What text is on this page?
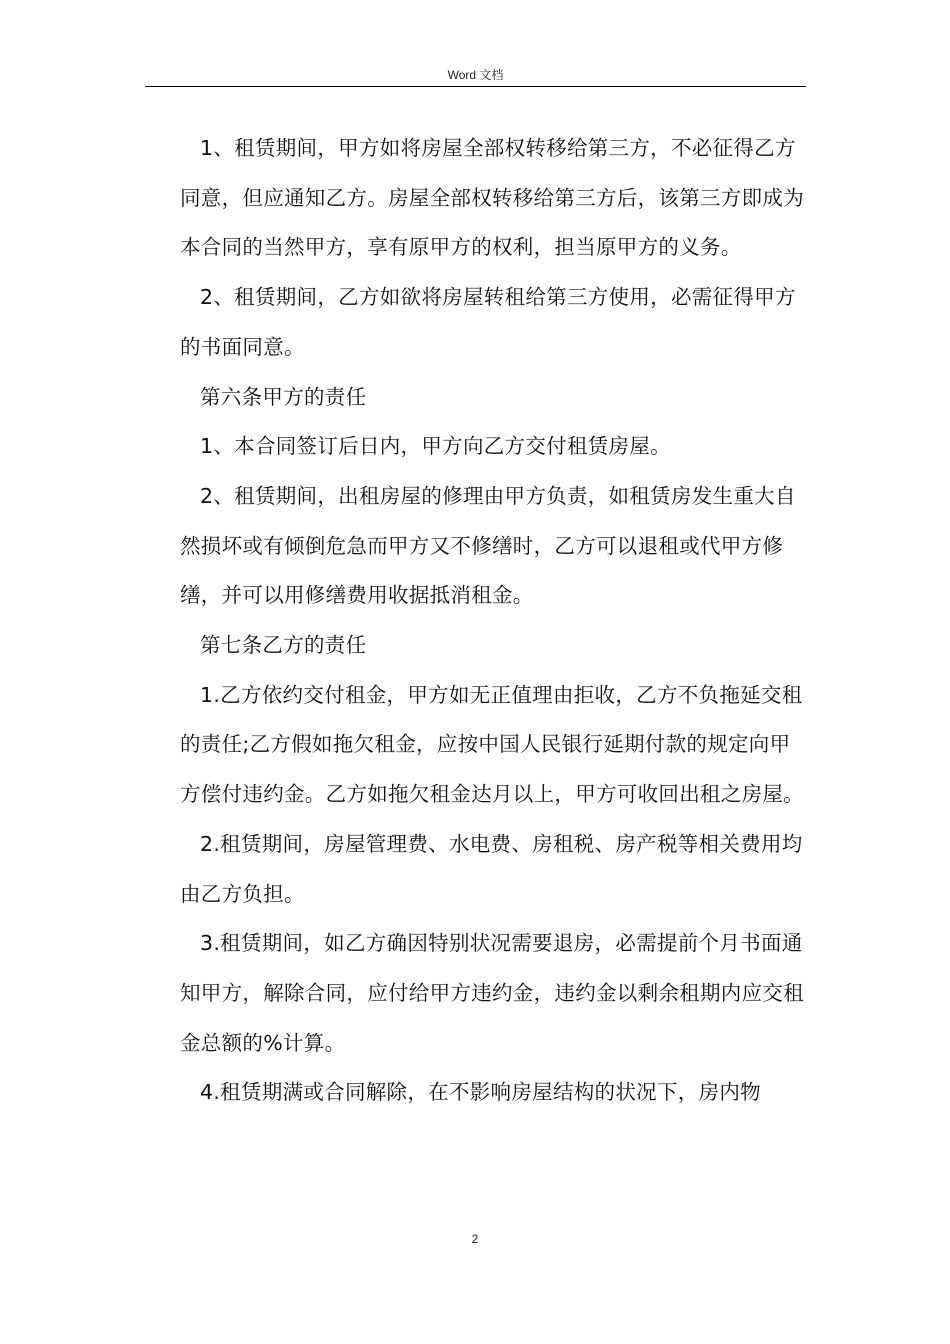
Word 文档

1、租赁期间，甲方如将房屋全部权转移给第三方，不必征得乙方同意，但应通知乙方。房屋全部权转移给第三方后，该第三方即成为本合同的当然甲方，享有原甲方的权利，担当原甲方的义务。

2、租赁期间，乙方如欲将房屋转租给第三方使用，必需征得甲方的书面同意。

第六条甲方的责任

1、本合同签订后日内，甲方向乙方交付租赁房屋。

2、租赁期间，出租房屋的修理由甲方负责，如租赁房发生重大自然损坏或有倾倒危急而甲方又不修缮时，乙方可以退租或代甲方修缮，并可以用修缮费用收据抵消租金。

第七条乙方的责任

1.乙方依约交付租金，甲方如无正值理由拒收，乙方不负拖延交租的责任;乙方假如拖欠租金，应按中国人民银行延期付款的规定向甲方偿付违约金。乙方如拖欠租金达月以上，甲方可收回出租之房屋。

2.租赁期间，房屋管理费、水电费、房租税、房产税等相关费用均由乙方负担。

3.租赁期间，如乙方确因特别状况需要退房，必需提前个月书面通知甲方，解除合同，应付给甲方违约金，违约金以剩余租期内应交租金总额的%计算。

4.租赁期满或合同解除，在不影响房屋结构的状况下，房内物

2
